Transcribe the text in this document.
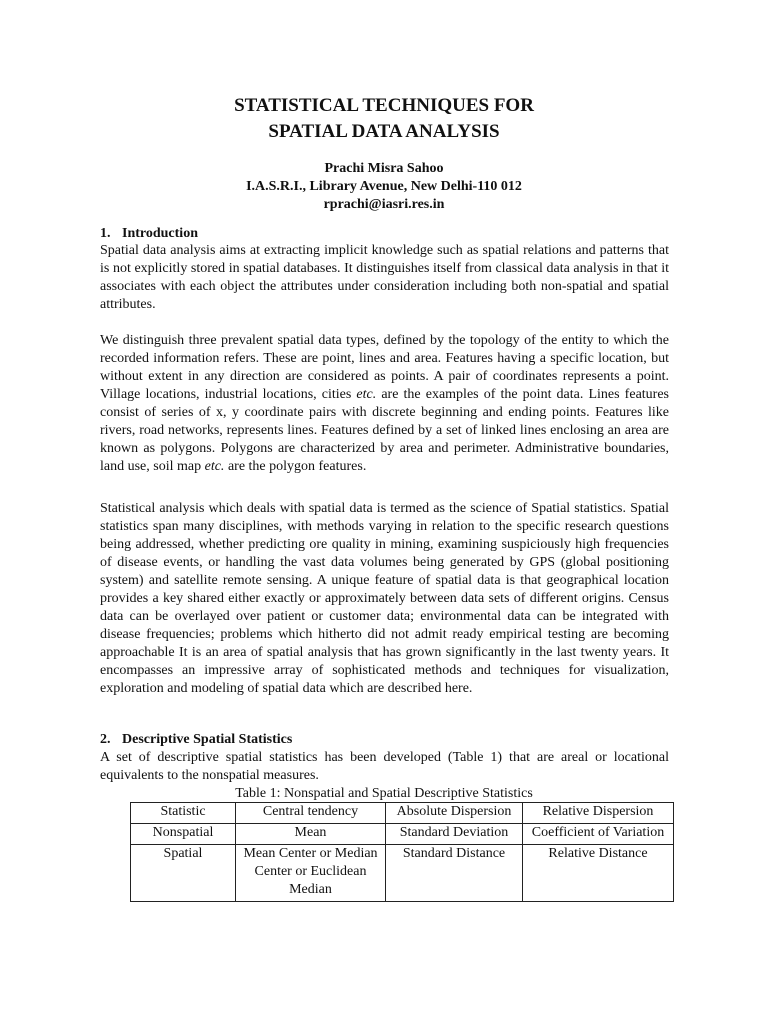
STATISTICAL TECHNIQUES FOR
SPATIAL DATA ANALYSIS
Prachi Misra Sahoo
I.A.S.R.I., Library Avenue, New Delhi-110 012
rprachi@iasri.res.in
1. Introduction

Spatial data analysis aims at extracting implicit knowledge such as spatial relations and patterns that is not explicitly stored in spatial databases. It distinguishes itself from classical data analysis in that it associates with each object the attributes under consideration including both non-spatial and spatial attributes.

We distinguish three prevalent spatial data types, defined by the topology of the entity to which the recorded information refers. These are point, lines and area. Features having a specific location, but without extent in any direction are considered as points. A pair of coordinates represents a point. Village locations, industrial locations, cities etc. are the examples of the point data. Lines features consist of series of x, y coordinate pairs with discrete beginning and ending points. Features like rivers, road networks, represents lines. Features defined by a set of linked lines enclosing an area are known as polygons. Polygons are characterized by area and perimeter. Administrative boundaries, land use, soil map etc. are the polygon features.

Statistical analysis which deals with spatial data is termed as the science of Spatial statistics. Spatial statistics span many disciplines, with methods varying in relation to the specific research questions being addressed, whether predicting ore quality in mining, examining suspiciously high frequencies of disease events, or handling the vast data volumes being generated by GPS (global positioning system) and satellite remote sensing. A unique feature of spatial data is that geographical location provides a key shared either exactly or approximately between data sets of different origins. Census data can be overlayed over patient or customer data; environmental data can be integrated with disease frequencies; problems which hitherto did not admit ready empirical testing are becoming approachable It is an area of spatial analysis that has grown significantly in the last twenty years. It encompasses an impressive array of sophisticated methods and techniques for visualization, exploration and modeling of spatial data which are described here.

2. Descriptive Spatial Statistics

A set of descriptive spatial statistics has been developed (Table 1) that are areal or locational equivalents to the nonspatial measures.

Table 1: Nonspatial and Spatial Descriptive Statistics
Statistic	Central tendency	Absolute Dispersion	Relative Dispersion
Nonspatial	Mean	Standard Deviation	Coefficient of Variation
Spatial	Mean Center or Median Center or Euclidean Median	Standard Distance	Relative Distance
